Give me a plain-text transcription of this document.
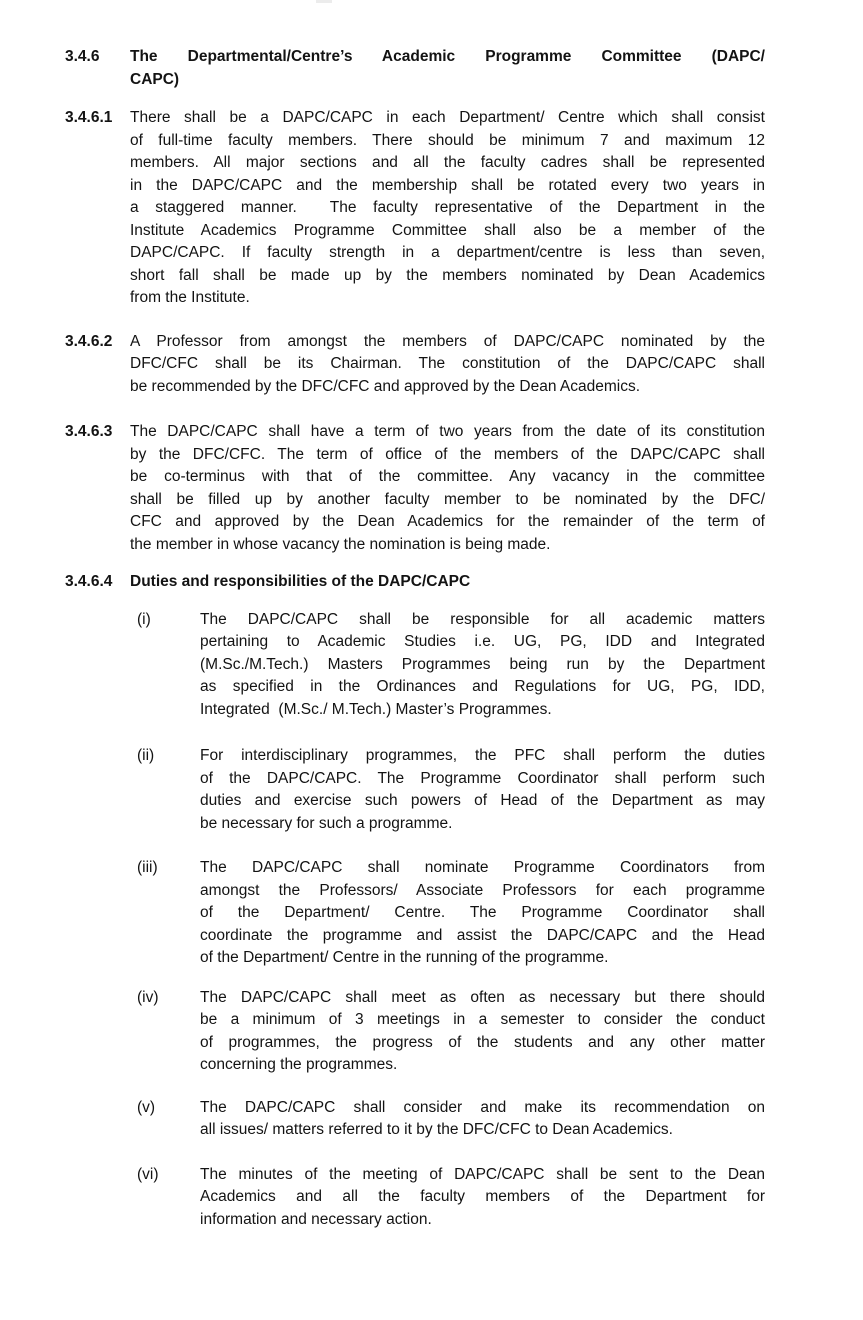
3.4.6	The Departmental/Centre’s Academic Programme Committee (DAPC/
CAPC)
3.4.6.1	There shall be a DAPC/CAPC in each Department/ Centre which shall consist
of full-time faculty members. There should be minimum 7 and maximum 12
members. All major sections and all the faculty cadres shall be represented
in the DAPC/CAPC and the membership shall be rotated every two years in
a staggered manner.  The faculty representative of the Department in the
Institute Academics Programme Committee shall also be a member of the
DAPC/CAPC. If faculty strength in a department/centre is less than seven,
short fall shall be made up by the members nominated by Dean Academics
from the Institute.
3.4.6.2	A Professor from amongst the members of DAPC/CAPC nominated by the
DFC/CFC shall be its Chairman. The constitution of the DAPC/CAPC shall
be recommended by the DFC/CFC and approved by the Dean Academics.
3.4.6.3	The DAPC/CAPC shall have a term of two years from the date of its constitution
by the DFC/CFC. The term of office of the members of the DAPC/CAPC shall
be co-terminus with that of the committee. Any vacancy in the committee
shall be filled up by another faculty member to be nominated by the DFC/
CFC and approved by the Dean Academics for the remainder of the term of
the member in whose vacancy the nomination is being made.
3.4.6.4	Duties and responsibilities of the DAPC/CAPC
(i)	The DAPC/CAPC shall be responsible for all academic matters
pertaining to Academic Studies i.e. UG, PG, IDD and Integrated
(M.Sc./M.Tech.) Masters Programmes being run by the Department
as specified in the Ordinances and Regulations for UG, PG, IDD,
Integrated  (M.Sc./ M.Tech.) Master’s Programmes.
(ii)	For interdisciplinary programmes, the PFC shall perform the duties
of the DAPC/CAPC. The Programme Coordinator shall perform such
duties and exercise such powers of Head of the Department as may
be necessary for such a programme.
(iii)	The DAPC/CAPC shall nominate Programme Coordinators from
amongst the Professors/ Associate Professors for each programme
of the Department/ Centre. The Programme Coordinator shall
coordinate the programme and assist the DAPC/CAPC and the Head
of the Department/ Centre in the running of the programme.
(iv)	The DAPC/CAPC shall meet as often as necessary but there should
be a minimum of 3 meetings in a semester to consider the conduct
of programmes, the progress of the students and any other matter
concerning the programmes.
(v)	The DAPC/CAPC shall consider and make its recommendation on
all issues/ matters referred to it by the DFC/CFC to Dean Academics.
(vi)	The minutes of the meeting of DAPC/CAPC shall be sent to the Dean
Academics and all the faculty members of the Department for
information and necessary action.
